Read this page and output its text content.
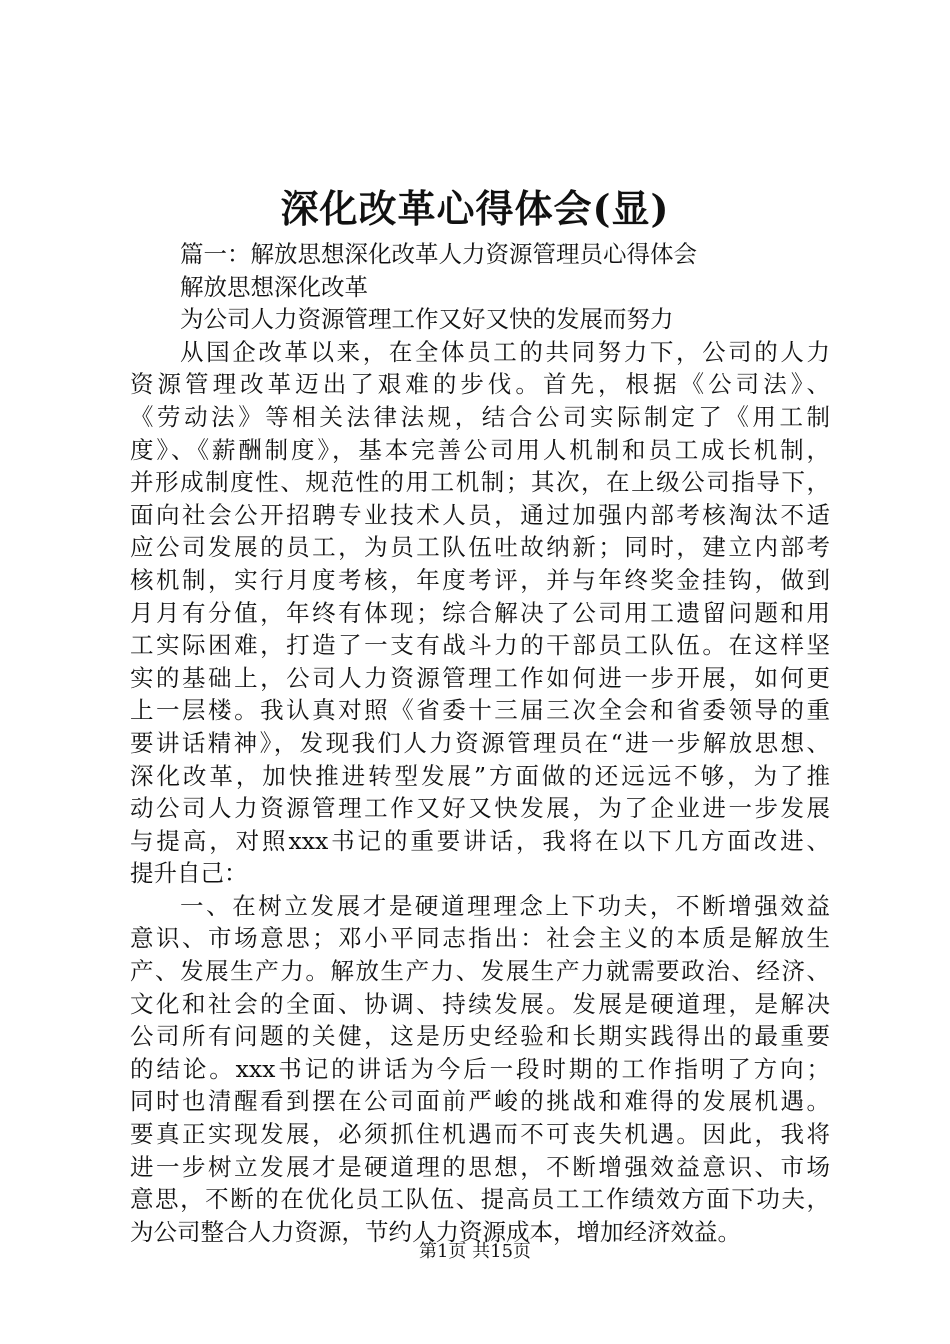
深化改革心得体会(显)
篇一：解放思想深化改革人力资源管理员心得体会
解放思想深化改革
为公司人力资源管理工作又好又快的发展而努力
从国企改革以来，在全体员工的共同努力下，公司的人力
资源管理改革迈出了艰难的步伐。首先，根据《公司法》、
《劳动法》等相关法律法规，结合公司实际制定了《用工制
度》、《薪酬制度》，基本完善公司用人机制和员工成长机制，
并形成制度性、规范性的用工机制；其次，在上级公司指导下，
面向社会公开招聘专业技术人员，通过加强内部考核淘汰不适
应公司发展的员工，为员工队伍吐故纳新；同时，建立内部考
核机制，实行月度考核，年度考评，并与年终奖金挂钩，做到
月月有分值，年终有体现；综合解决了公司用工遗留问题和用
工实际困难，打造了一支有战斗力的干部员工队伍。在这样坚
实的基础上，公司人力资源管理工作如何进一步开展，如何更
上一层楼。我认真对照《省委十三届三次全会和省委领导的重
要讲话精神》，发现我们人力资源管理员在“进一步解放思想、
深化改革，加快推进转型发展”方面做的还远远不够，为了推
动公司人力资源管理工作又好又快发展，为了企业进一步发展
与提高，对照xxx书记的重要讲话，我将在以下几方面改进、
提升自己：
一、在树立发展才是硬道理理念上下功夫，不断增强效益
意识、市场意思；邓小平同志指出：社会主义的本质是解放生
产、发展生产力。解放生产力、发展生产力就需要政治、经济、
文化和社会的全面、协调、持续发展。发展是硬道理，是解决
公司所有问题的关健，这是历史经验和长期实践得出的最重要
的结论。xxx书记的讲话为今后一段时期的工作指明了方向；
同时也清醒看到摆在公司面前严峻的挑战和难得的发展机遇。
要真正实现发展，必须抓住机遇而不可丧失机遇。因此，我将
进一步树立发展才是硬道理的思想，不断增强效益意识、市场
意思，不断的在优化员工队伍、提高员工工作绩效方面下功夫，
为公司整合人力资源，节约人力资源成本，增加经济效益。
第1页 共15页
